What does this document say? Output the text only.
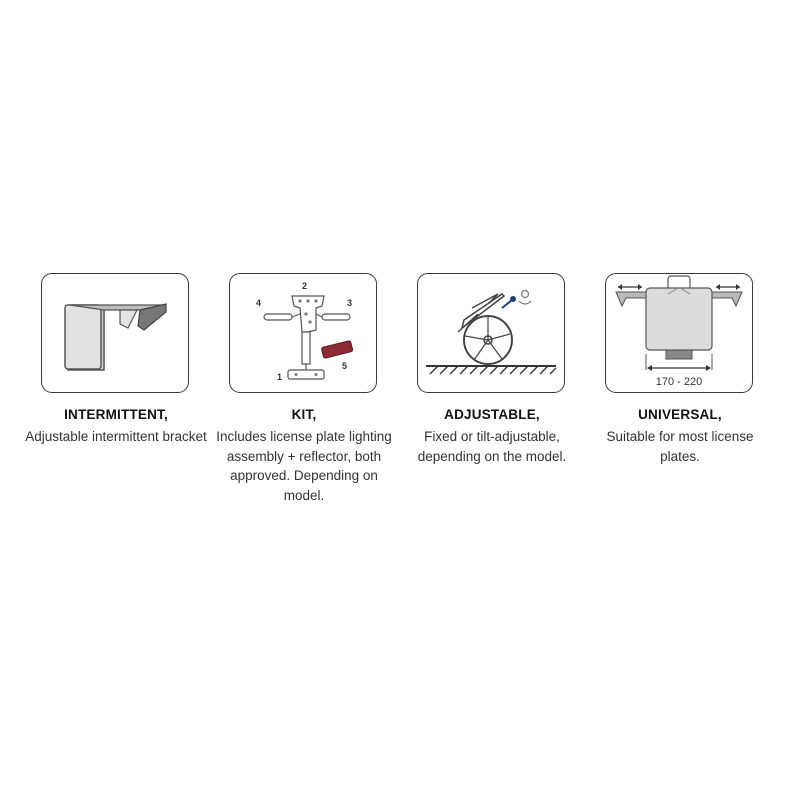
INTERMITTENT,
Adjustable intermittent bracket
2
4	3
1
5
KIT,
Includes license plate lighting assembly + reflector, both approved. Depending on model.
ADJUSTABLE,
Fixed or tilt-adjustable, depending on the model.
170 - 220
UNIVERSAL,
Suitable for most license plates.
